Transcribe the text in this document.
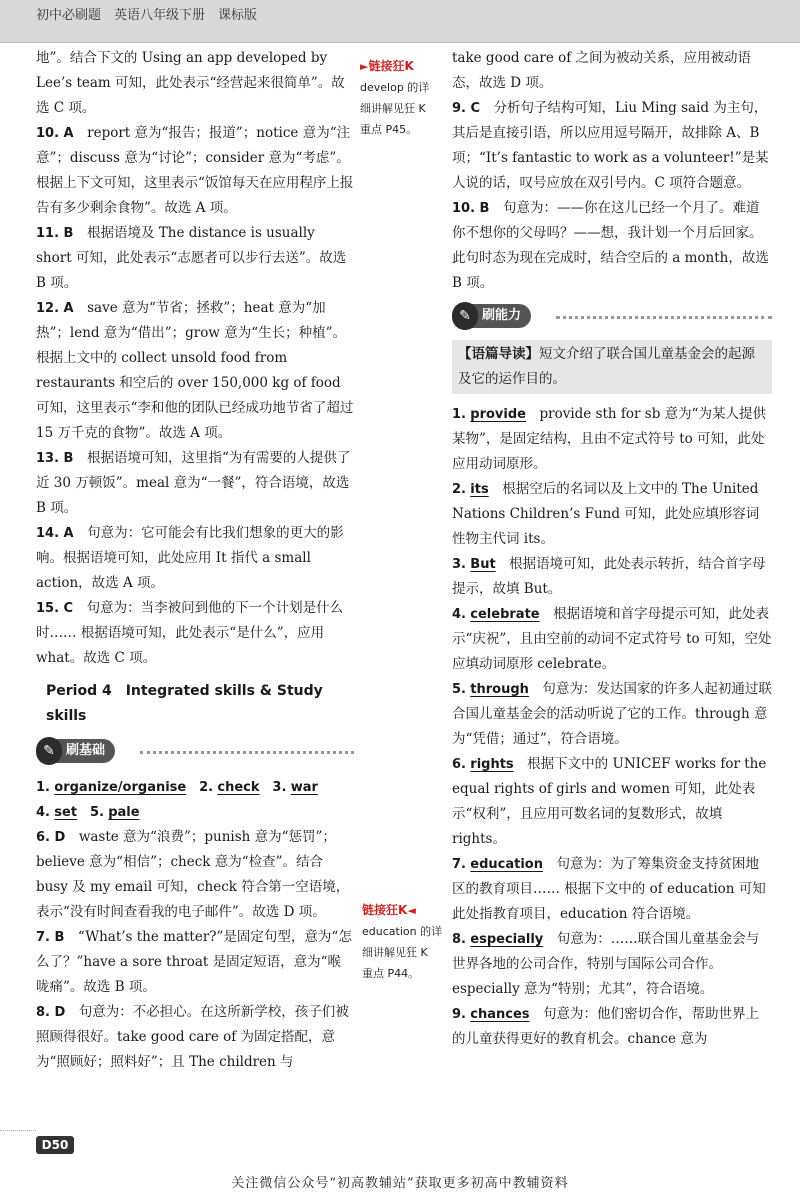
初中必刷题　英语八年级下册　课标版

地”。结合下文的 Using an app developed by Lee’s team 可知，此处表示“经营起来很简单”。故选 C 项。

10. A　 report 意为“报告；报道”；notice 意为“注意”；discuss 意为“讨论”；consider 意为“考虑”。根据上下文可知，这里表示“饭馆每天在应用程序上报告有多少剩余食物”。故选 A 项。

11. B　 根据语境及 The distance is usually short 可知，此处表示“志愿者可以步行去送”。故选 B 项。

12. A　 save 意为“节省；拯救”；heat 意为“加热”；lend 意为“借出”；grow 意为“生长；种植”。根据上文中的 collect unsold food from restaurants 和空后的 over 150,000 kg of food 可知，这里表示“李和他的团队已经成功地节省了超过 15 万千克的食物”。故选 A 项。

13. B　 根据语境可知，这里指“为有需要的人提供了近 30 万顿饭”。meal 意为“一餐”，符合语境，故选 B 项。

14. A　 句意为：它可能会有比我们想象的更大的影响。根据语境可知，此处应用 It 指代 a small action，故选 A 项。

15. C　 句意为：当李被问到他的下一个计划是什么时…… 根据语境可知，此处表示“是什么”，应用 what。故选 C 项。

Period 4　Integrated skills & Study skills
刷基础
✎

1. organize/organise 2. check 3. war

4. set 5. pale

6. D　 waste 意为“浪费”；punish 意为“惩罚”；believe 意为“相信”；check 意为“检查”。结合 busy 及 my email 可知，check 符合第一空语境，表示“没有时间查看我的电子邮件”。故选 D 项。

7. B　 “What’s the matter?”是固定句型，意为“怎么了？”have a sore throat 是固定短语，意为“喉咙痛”。故选 B 项。

8. D　 句意为：不必担心。在这所新学校，孩子们被照顾得很好。take good care of 为固定搭配，意为“照顾好；照料好”；且 The children 与

►链接狂K
develop 的详
细讲解见狂 K
重点 P45。
链接狂K◄
education 的详
细讲解见狂 K
重点 P44。

take good care of 之间为被动关系，应用被动语态，故选 D 项。

9. C　 分析句子结构可知，Liu Ming said 为主句，其后是直接引语，所以应用逗号隔开，故排除 A、B 项；“It’s fantastic to work as a volunteer!”是某人说的话，叹号应放在双引号内。C 项符合题意。

10. B　 句意为：——你在这儿已经一个月了。难道你不想你的父母吗？——想，我计划一个月后回家。此句时态为现在完成时，结合空后的 a month，故选 B 项。

刷能力
✎
【语篇导读】短文介绍了联合国儿童基金会的起源及它的运作目的。

1. provide　 provide sth for sb 意为“为某人提供某物”，是固定结构，且由不定式符号 to 可知，此处应用动词原形。

2. its　 根据空后的名词以及上文中的 The United Nations Children’s Fund 可知，此处应填形容词性物主代词 its。

3. But　 根据语境可知，此处表示转折，结合首字母提示，故填 But。

4. celebrate　 根据语境和首字母提示可知，此处表示“庆祝”，且由空前的动词不定式符号 to 可知，空处应填动词原形 celebrate。

5. through　 句意为：发达国家的许多人起初通过联合国儿童基金会的活动听说了它的工作。through 意为“凭借；通过”，符合语境。

6. rights　 根据下文中的 UNICEF works for the equal rights of girls and women 可知，此处表示“权利”，且应用可数名词的复数形式，故填 rights。

7. education　 句意为：为了筹集资金支持贫困地区的教育项目…… 根据下文中的 of education 可知此处指教育项目，education 符合语境。

8. especially　 句意为：……联合国儿童基金会与世界各地的公司合作，特别与国际公司合作。especially 意为“特别；尤其”，符合语境。

9. chances　 句意为：他们密切合作，帮助世界上的儿童获得更好的教育机会。chance 意为

D50
关注微信公众号“初高教辅站”获取更多初高中教辅资料
